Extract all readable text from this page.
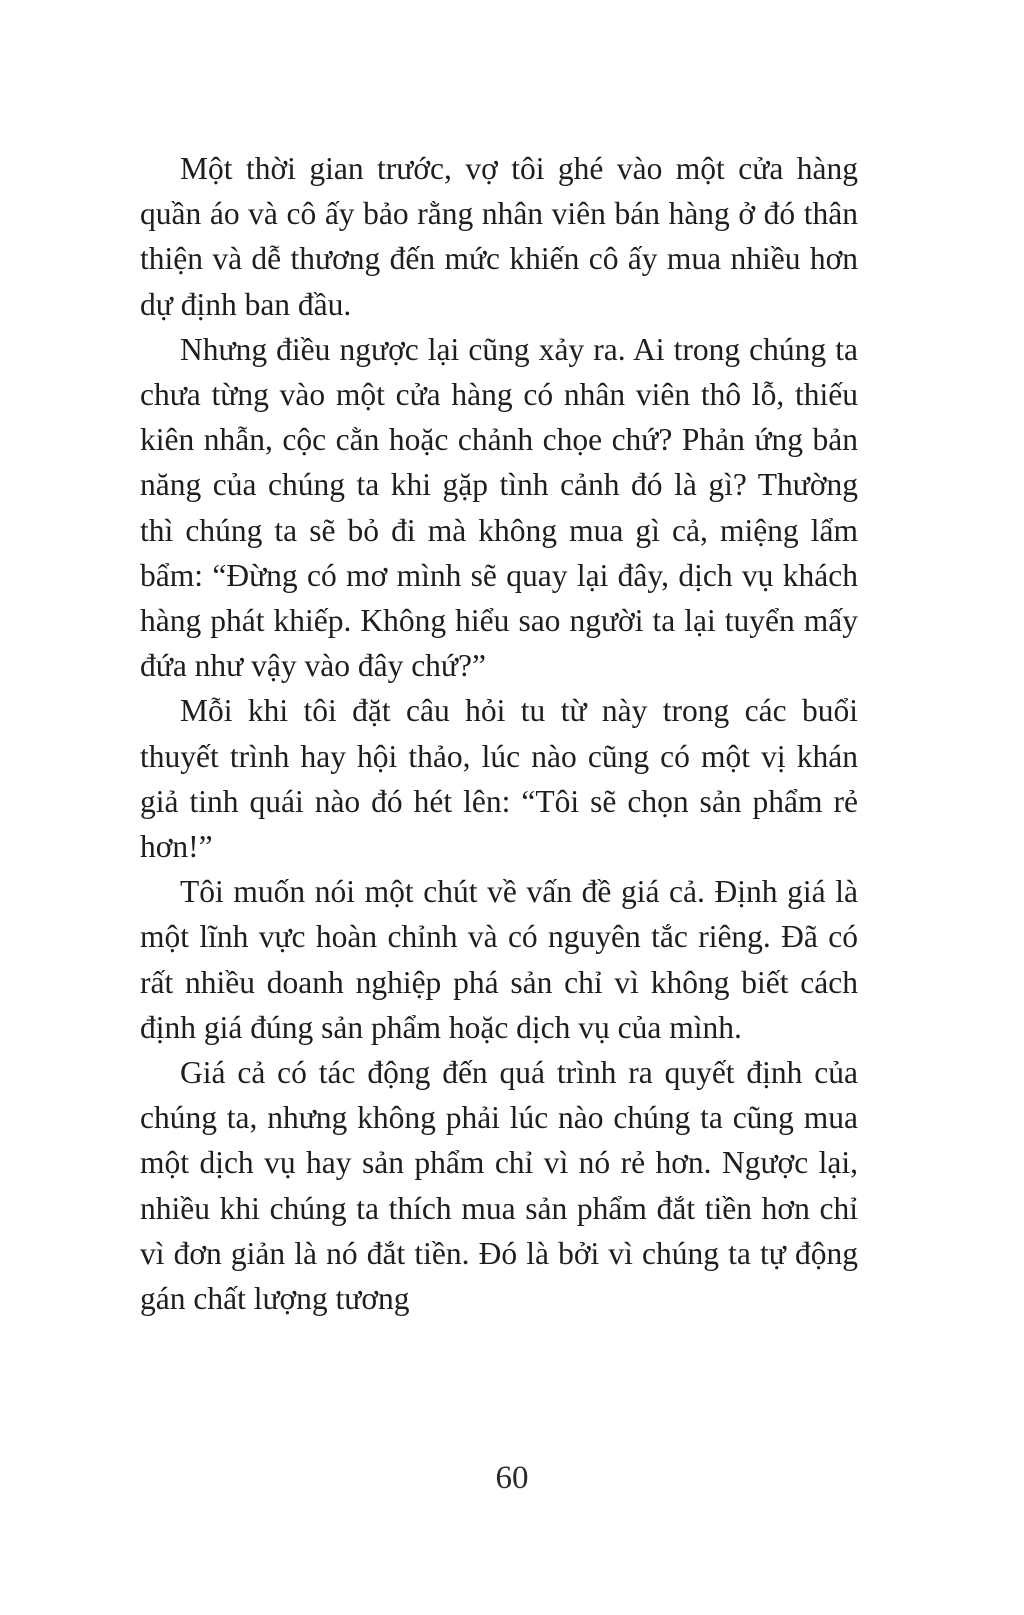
Một thời gian trước, vợ tôi ghé vào một cửa hàng quần áo và cô ấy bảo rằng nhân viên bán hàng ở đó thân thiện và dễ thương đến mức khiến cô ấy mua nhiều hơn dự định ban đầu.

Nhưng điều ngược lại cũng xảy ra. Ai trong chúng ta chưa từng vào một cửa hàng có nhân viên thô lỗ, thiếu kiên nhẫn, cộc cằn hoặc chảnh chọe chứ? Phản ứng bản năng của chúng ta khi gặp tình cảnh đó là gì? Thường thì chúng ta sẽ bỏ đi mà không mua gì cả, miệng lẩm bẩm: “Đừng có mơ mình sẽ quay lại đây, dịch vụ khách hàng phát khiếp. Không hiểu sao người ta lại tuyển mấy đứa như vậy vào đây chứ?”

Mỗi khi tôi đặt câu hỏi tu từ này trong các buổi thuyết trình hay hội thảo, lúc nào cũng có một vị khán giả tinh quái nào đó hét lên: “Tôi sẽ chọn sản phẩm rẻ hơn!”

Tôi muốn nói một chút về vấn đề giá cả. Định giá là một lĩnh vực hoàn chỉnh và có nguyên tắc riêng. Đã có rất nhiều doanh nghiệp phá sản chỉ vì không biết cách định giá đúng sản phẩm hoặc dịch vụ của mình.

Giá cả có tác động đến quá trình ra quyết định của chúng ta, nhưng không phải lúc nào chúng ta cũng mua một dịch vụ hay sản phẩm chỉ vì nó rẻ hơn. Ngược lại, nhiều khi chúng ta thích mua sản phẩm đắt tiền hơn chỉ vì đơn giản là nó đắt tiền. Đó là bởi vì chúng ta tự động gán chất lượng tương

60
